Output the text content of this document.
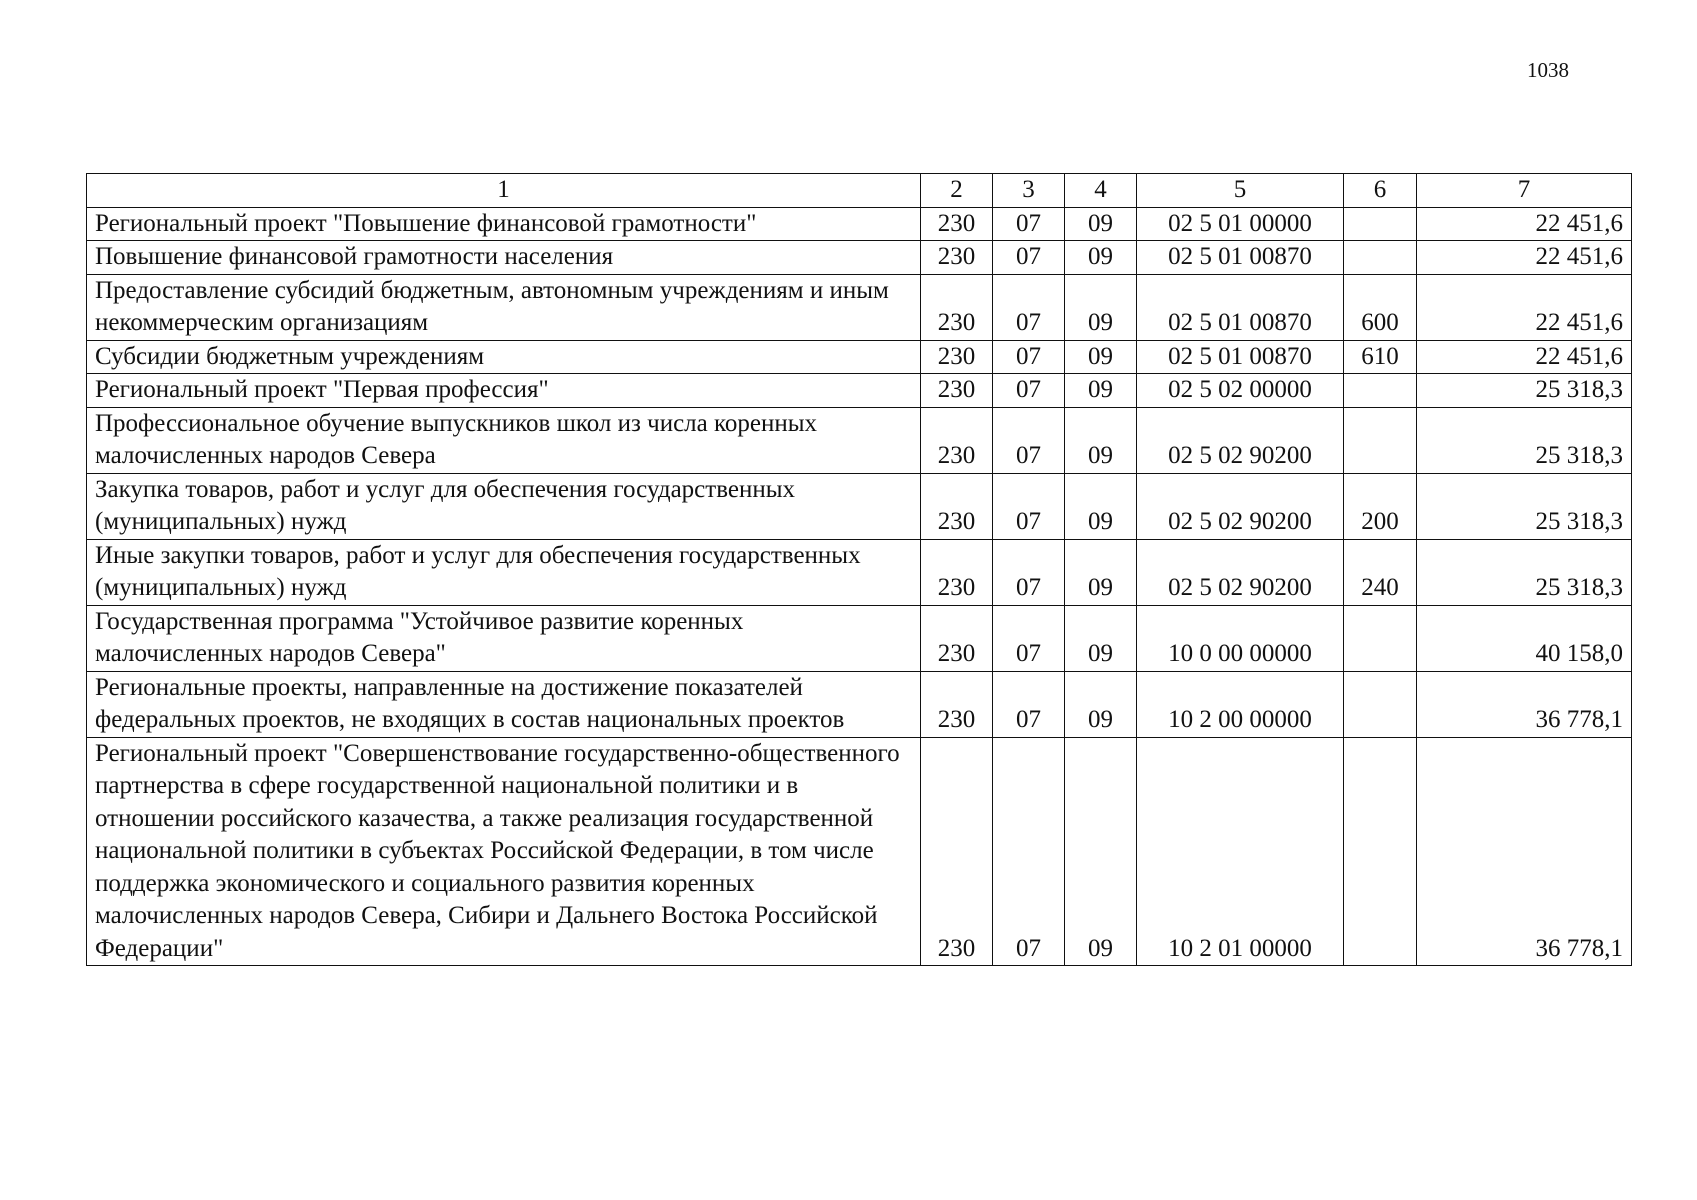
1038
1	2	3	4	5	6	7
Региональный проект "Повышение финансовой грамотности"	230	07	09	02 5 01 00000		22 451,6
Повышение финансовой грамотности населения	230	07	09	02 5 01 00870		22 451,6
Предоставление субсидий бюджетным, автономным учреждениям и иным некоммерческим организациям	230	07	09	02 5 01 00870	600	22 451,6
Субсидии бюджетным учреждениям	230	07	09	02 5 01 00870	610	22 451,6
Региональный проект "Первая профессия"	230	07	09	02 5 02 00000		25 318,3
Профессиональное обучение выпускников школ из числа коренных малочисленных народов Севера	230	07	09	02 5 02 90200		25 318,3
Закупка товаров, работ и услуг для обеспечения государственных (муниципальных) нужд	230	07	09	02 5 02 90200	200	25 318,3
Иные закупки товаров, работ и услуг для обеспечения государственных (муниципальных) нужд	230	07	09	02 5 02 90200	240	25 318,3
Государственная программа "Устойчивое развитие коренных малочисленных народов Севера"	230	07	09	10 0 00 00000		40 158,0
Региональные проекты, направленные на достижение показателей федеральных проектов, не входящих в состав национальных проектов	230	07	09	10 2 00 00000		36 778,1
Региональный проект "Совершенствование государственно-общественного партнерства в сфере государственной национальной политики и в отношении российского казачества, а также реализация государственной национальной политики в субъектах Российской Федерации, в том числе поддержка экономического и социального развития коренных малочисленных народов Севера, Сибири и Дальнего Востока Российской Федерации"	230	07	09	10 2 01 00000		36 778,1
